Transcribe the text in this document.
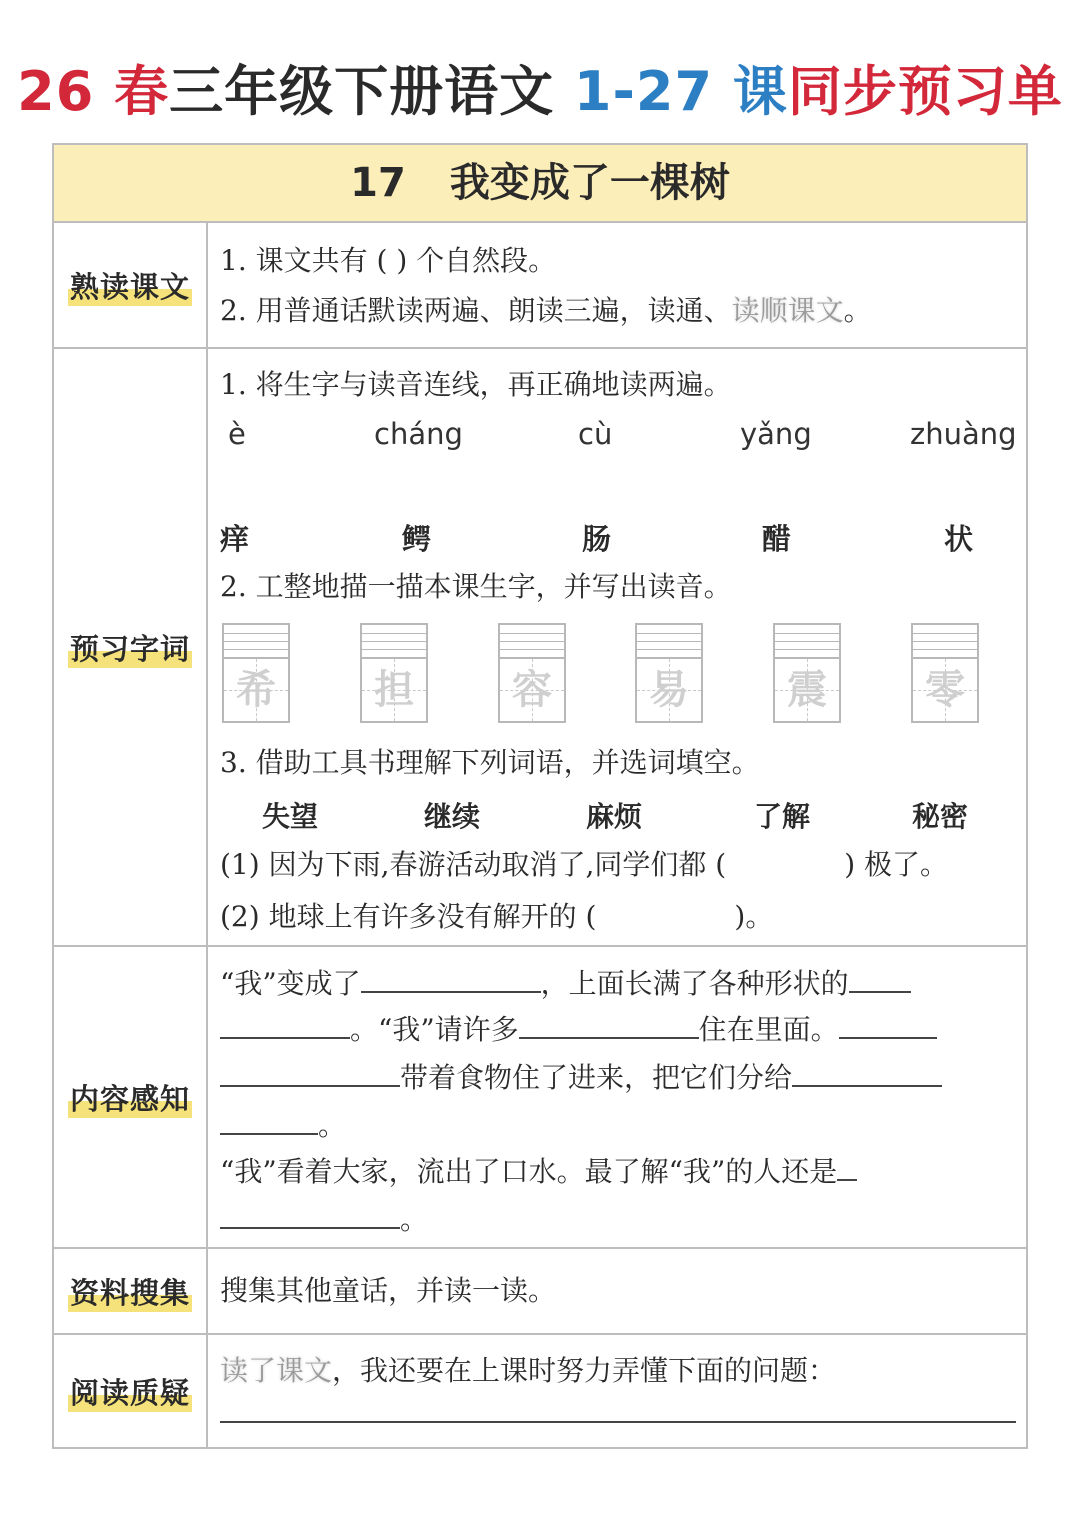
26 春三年级下册语文 1-27 课同步预习单
17 我变成了一棵树
熟读课文
1. 课文共有 ( ) 个自然段。
2. 用普通话默读两遍、朗读三遍，读通、读顺课文。
预习字词
1. 将生字与读音连线，再正确地读两遍。
è	cháng	cù	yǎng	zhuàng
痒	鳄	肠	醋	状
2. 工整地描一描本课生字，并写出读音。
希	担	容	易	震	零
3. 借助工具书理解下列词语，并选词填空。
失望	继续	麻烦	了解	秘密
(1) 因为下雨,春游活动取消了,同学们都 (	) 极了。
(2) 地球上有许多没有解开的 (	)。
内容感知
“我”变成了	，上面长满了各种形状的
。“我”请许多	住在里面。
带着食物住了进来，把它们分给
。
“我”看着大家，流出了口水。最了解“我”的人还是
。
资料搜集 搜集其他童话，并读一读。
阅读质疑
读了课文，我还要在上课时努力弄懂下面的问题：
